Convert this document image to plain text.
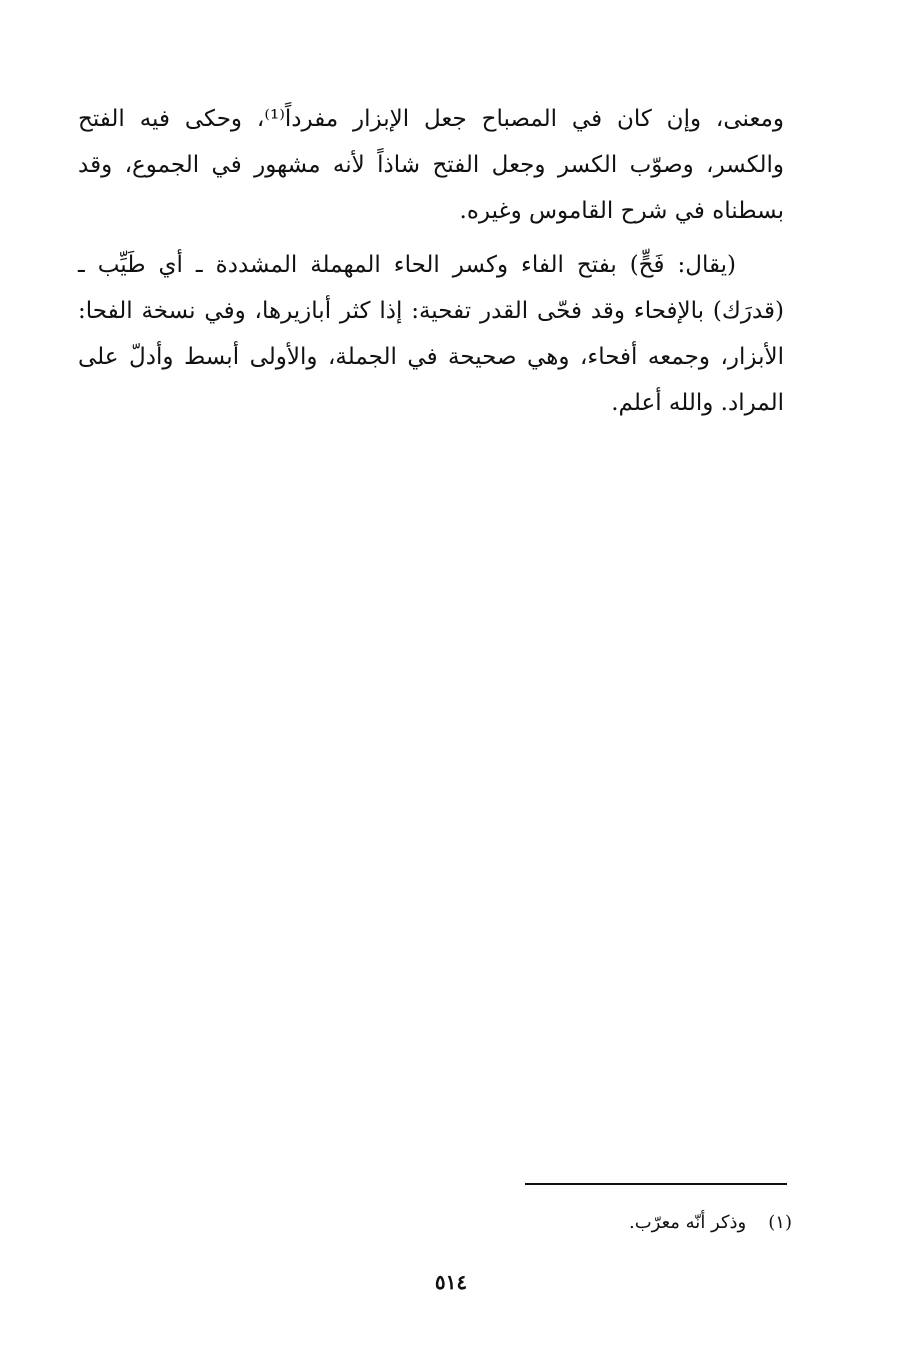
ومعنى، وإن كان في المصباح جعل الإبزار مفرداً⁽¹⁾، وحكى فيه الفتح والكسر، وصوّب الكسر وجعل الفتح شاذاً لأنه مشهور في الجموع، وقد بسطناه في شرح القاموس وغيره.

(يقال: فَحٍّ) بفتح الفاء وكسر الحاء المهملة المشددة ـ أي طَيِّب ـ (قدرَك) بالإفحاء وقد فحّى القدر تفحية: إذا كثر أبازيرها، وفي نسخة الفحا: الأبزار، وجمعه أفحاء، وهي صحيحة في الجملة، والأولى أبسط وأدلّ على المراد. والله أعلم.

(١)وذكر أنّه معرّب.
٥١٤
